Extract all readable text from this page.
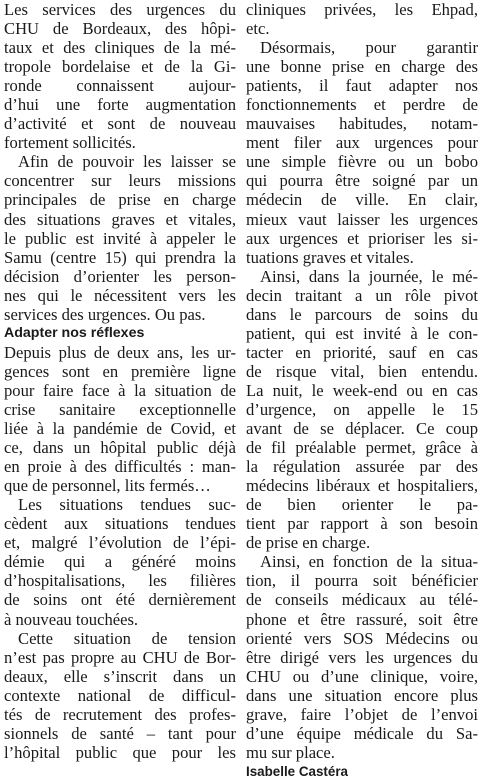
Les services des urgences du
CHU de Bordeaux, des hôpi-
taux et des cliniques de la mé-
tropole bordelaise et de la Gi-
ronde connaissent aujour-
d’hui une forte augmentation
d’activité et sont de nouveau
fortement sollicités.
Afin de pouvoir les laisser se
concentrer sur leurs missions
principales de prise en charge
des situations graves et vitales,
le public est invité à appeler le
Samu (centre 15) qui prendra la
décision d’orienter les person-
nes qui le nécessitent vers les
services des urgences. Ou pas.
Adapter nos réflexes
Depuis plus de deux ans, les ur-
gences sont en première ligne
pour faire face à la situation de
crise sanitaire exceptionnelle
liée à la pandémie de Covid, et
ce, dans un hôpital public déjà
en proie à des difficultés : man-
que de personnel, lits fermés…
Les situations tendues suc-
cèdent aux situations tendues
et, malgré l’évolution de l’épi-
démie qui a généré moins
d’hospitalisations, les filières
de soins ont été dernièrement
à nouveau touchées.
Cette situation de tension
n’est pas propre au CHU de Bor-
deaux, elle s’inscrit dans un
contexte national de difficul-
tés de recrutement des profes-
sionnels de santé – tant pour
l’hôpital public que pour les
cliniques privées, les Ehpad,
etc.
Désormais, pour garantir
une bonne prise en charge des
patients, il faut adapter nos
fonctionnements et perdre de
mauvaises habitudes, notam-
ment filer aux urgences pour
une simple fièvre ou un bobo
qui pourra être soigné par un
médecin de ville. En clair,
mieux vaut laisser les urgences
aux urgences et prioriser les si-
tuations graves et vitales.
Ainsi, dans la journée, le mé-
decin traitant a un rôle pivot
dans le parcours de soins du
patient, qui est invité à le con-
tacter en priorité, sauf en cas
de risque vital, bien entendu.
La nuit, le week-end ou en cas
d’urgence, on appelle le 15
avant de se déplacer. Ce coup
de fil préalable permet, grâce à
la régulation assurée par des
médecins libéraux et hospitaliers,
de bien orienter le pa-
tient par rapport à son besoin
de prise en charge.
Ainsi, en fonction de la situa-
tion, il pourra soit bénéficier
de conseils médicaux au télé-
phone et être rassuré, soit être
orienté vers SOS Médecins ou
être dirigé vers les urgences du
CHU ou d’une clinique, voire,
dans une situation encore plus
grave, faire l’objet de l’envoi
d’une équipe médicale du Sa-
mu sur place.
Isabelle Castéra
